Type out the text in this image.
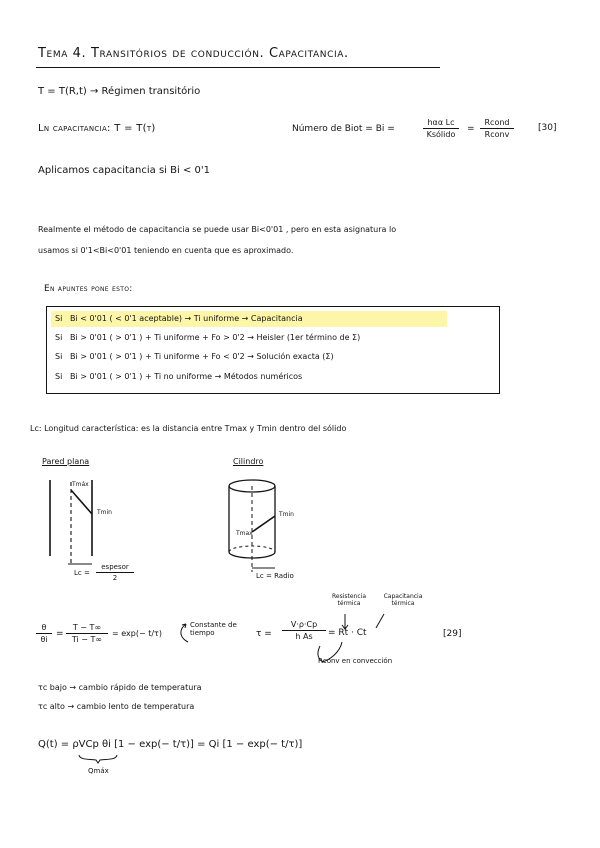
Tema 4. Transitórios de conducción. Capacitancia.
T = T(R,t) → Régimen transitório
Ln capacitancia: T = T(t)	Número de Biot = Bi =
hαα Lc
Ksólido
=
Rcond
Rconv
[30]
Aplicamos capacitancia si Bi < 0'1
Realmente el método de capacitancia se puede usar Bi<0'01 , pero en esta asignatura lo
usamos si 0'1<Bi<0'01 teniendo en cuenta que es aproximado.
En apuntes pone esto:
Si Bi < 0'01 ( < 0'1 aceptable) → Ti uniforme → Capacitancia
Si Bi > 0'01 ( > 0'1 ) + Ti uniforme + Fo > 0'2 → Heisler (1er término de Σ)
Si Bi > 0'01 ( > 0'1 ) + Ti uniforme + Fo < 0'2 → Solución exacta (Σ)
Si Bi > 0'01 ( > 0'1 ) + Ti no uniforme → Métodos numéricos
Lc: Longitud característica: es la distancia entre Tmax y Tmin dentro del sólido
Pared plana
Tmáx
Tmin
Lc =
espesor
2
Cilindro
Tmax
Tmin
Lc = Radio
θ
θi
=
T − T∞
Ti − T∞
= exp(− t/τ)
Constante de tiempo	τ =
V·ρ·Cp
h As = Rt · Ct
Resistencia térmica
Capacitancia térmica
Rconv en convección
[29]
τc bajo → cambio rápido de temperatura
τc alto → cambio lento de temperatura
Q(t) = ρVCp θi [1 − exp(− t/τ)] = Qi [1 − exp(− t/τ)]
Qmáx
